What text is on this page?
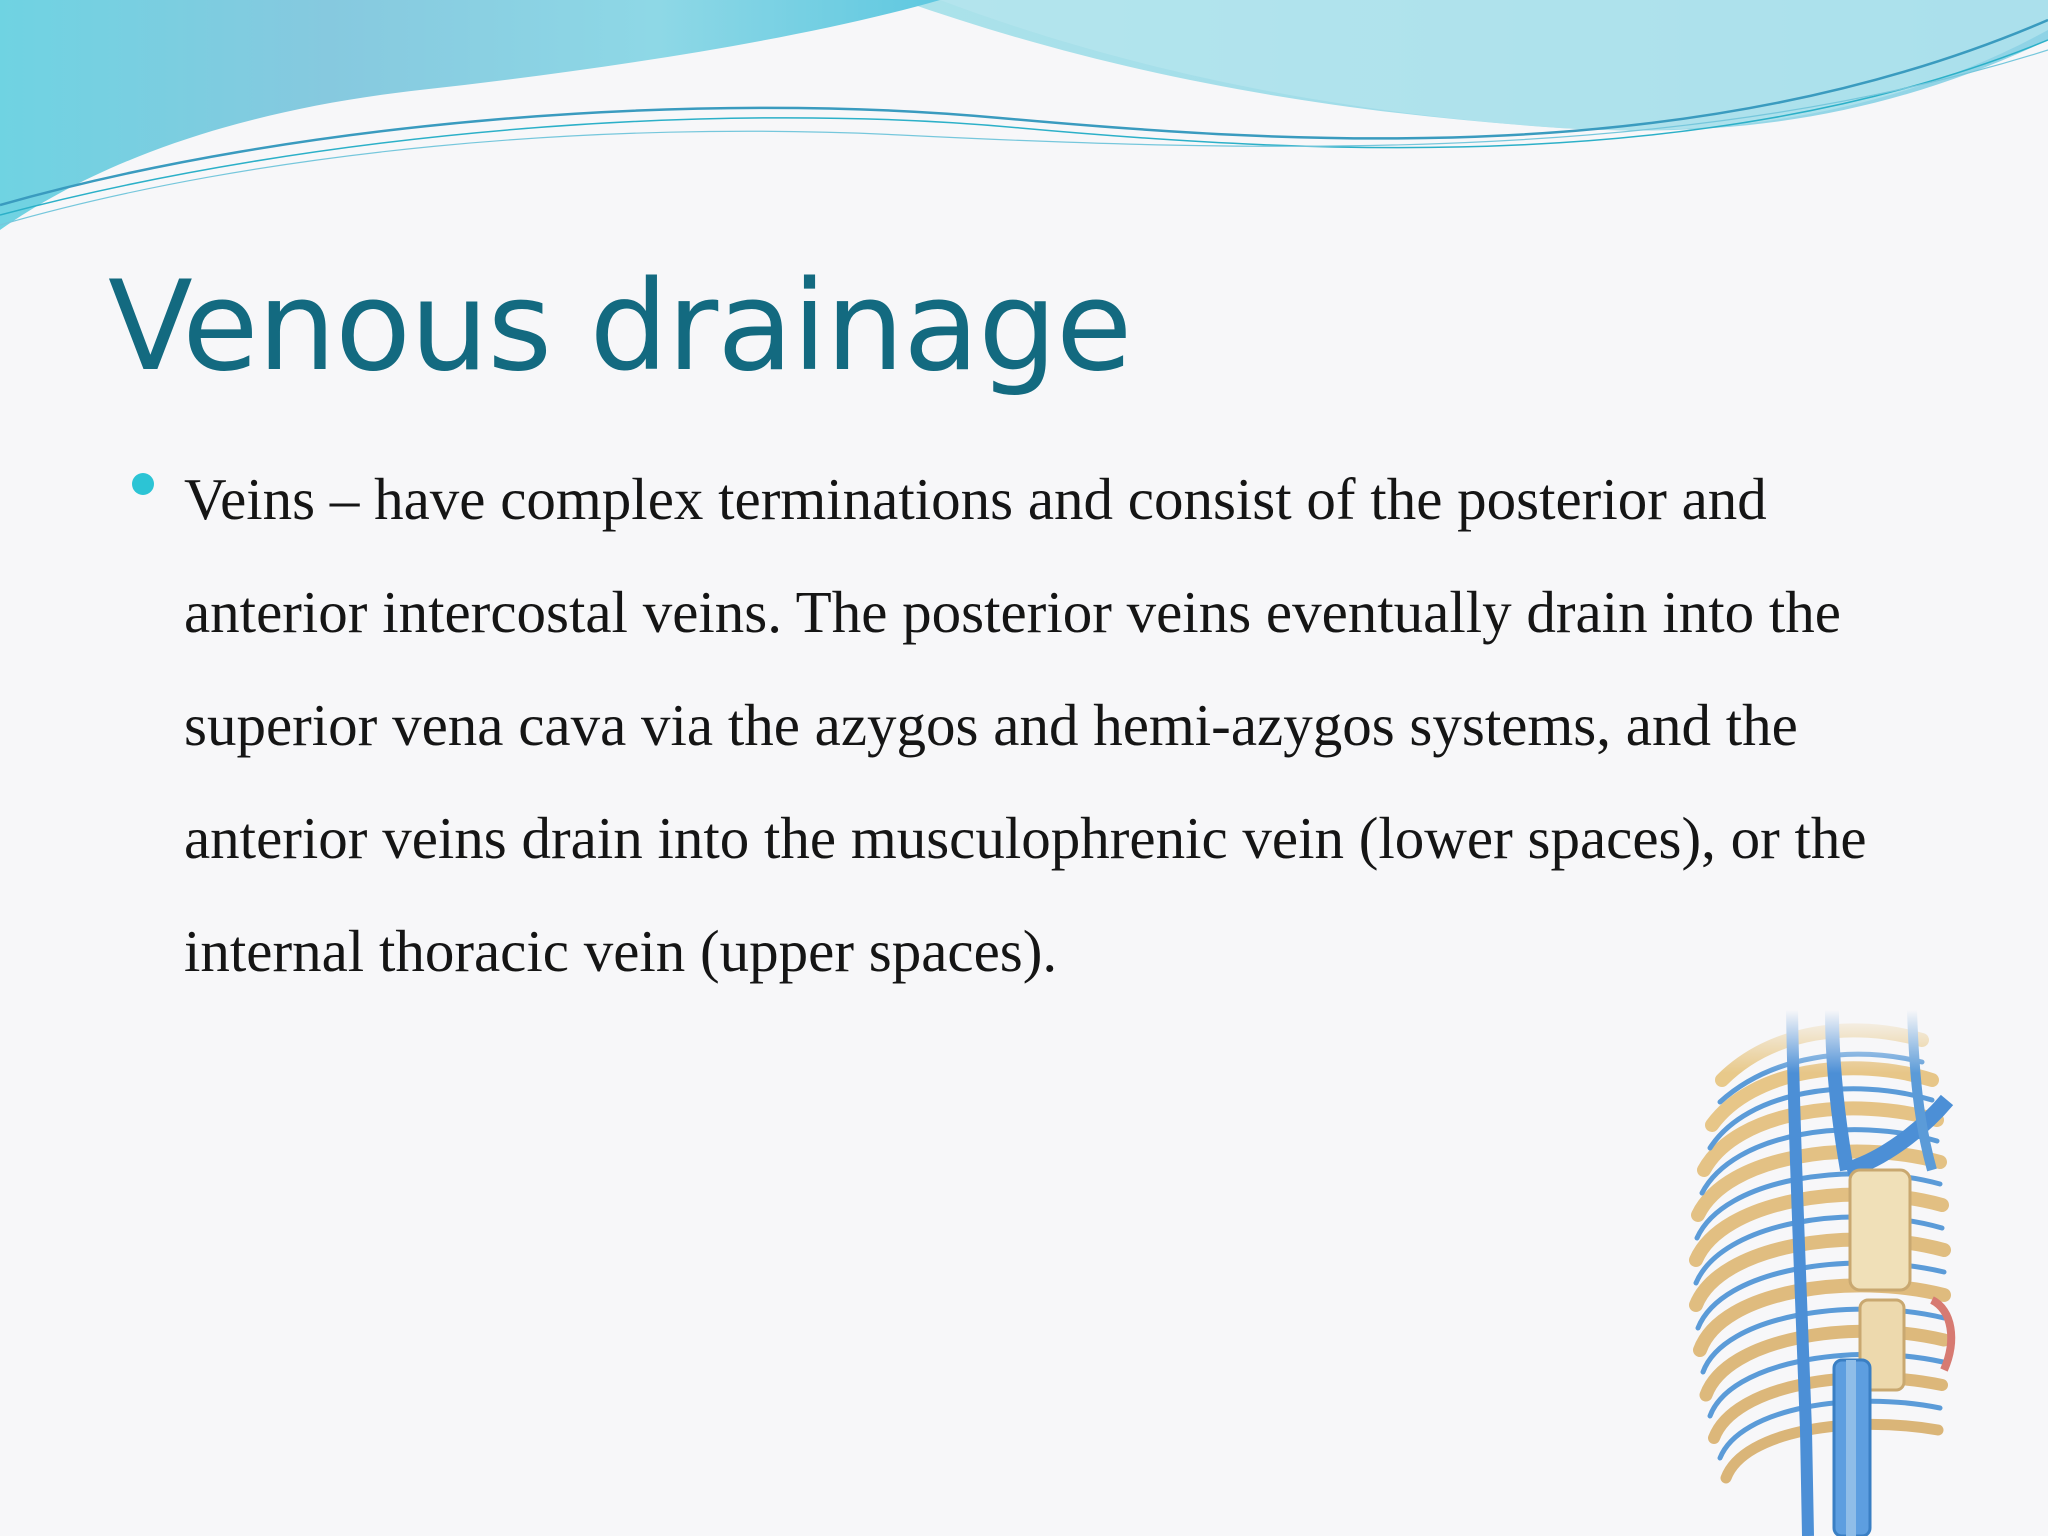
Venous drainage
Veins – have complex terminations and consist of the posterior and anterior intercostal veins. The posterior veins eventually drain into the superior vena cava via the azygos and hemi-azygos systems, and the anterior veins drain into the musculophrenic vein (lower spaces), or the internal thoracic vein (upper spaces).
